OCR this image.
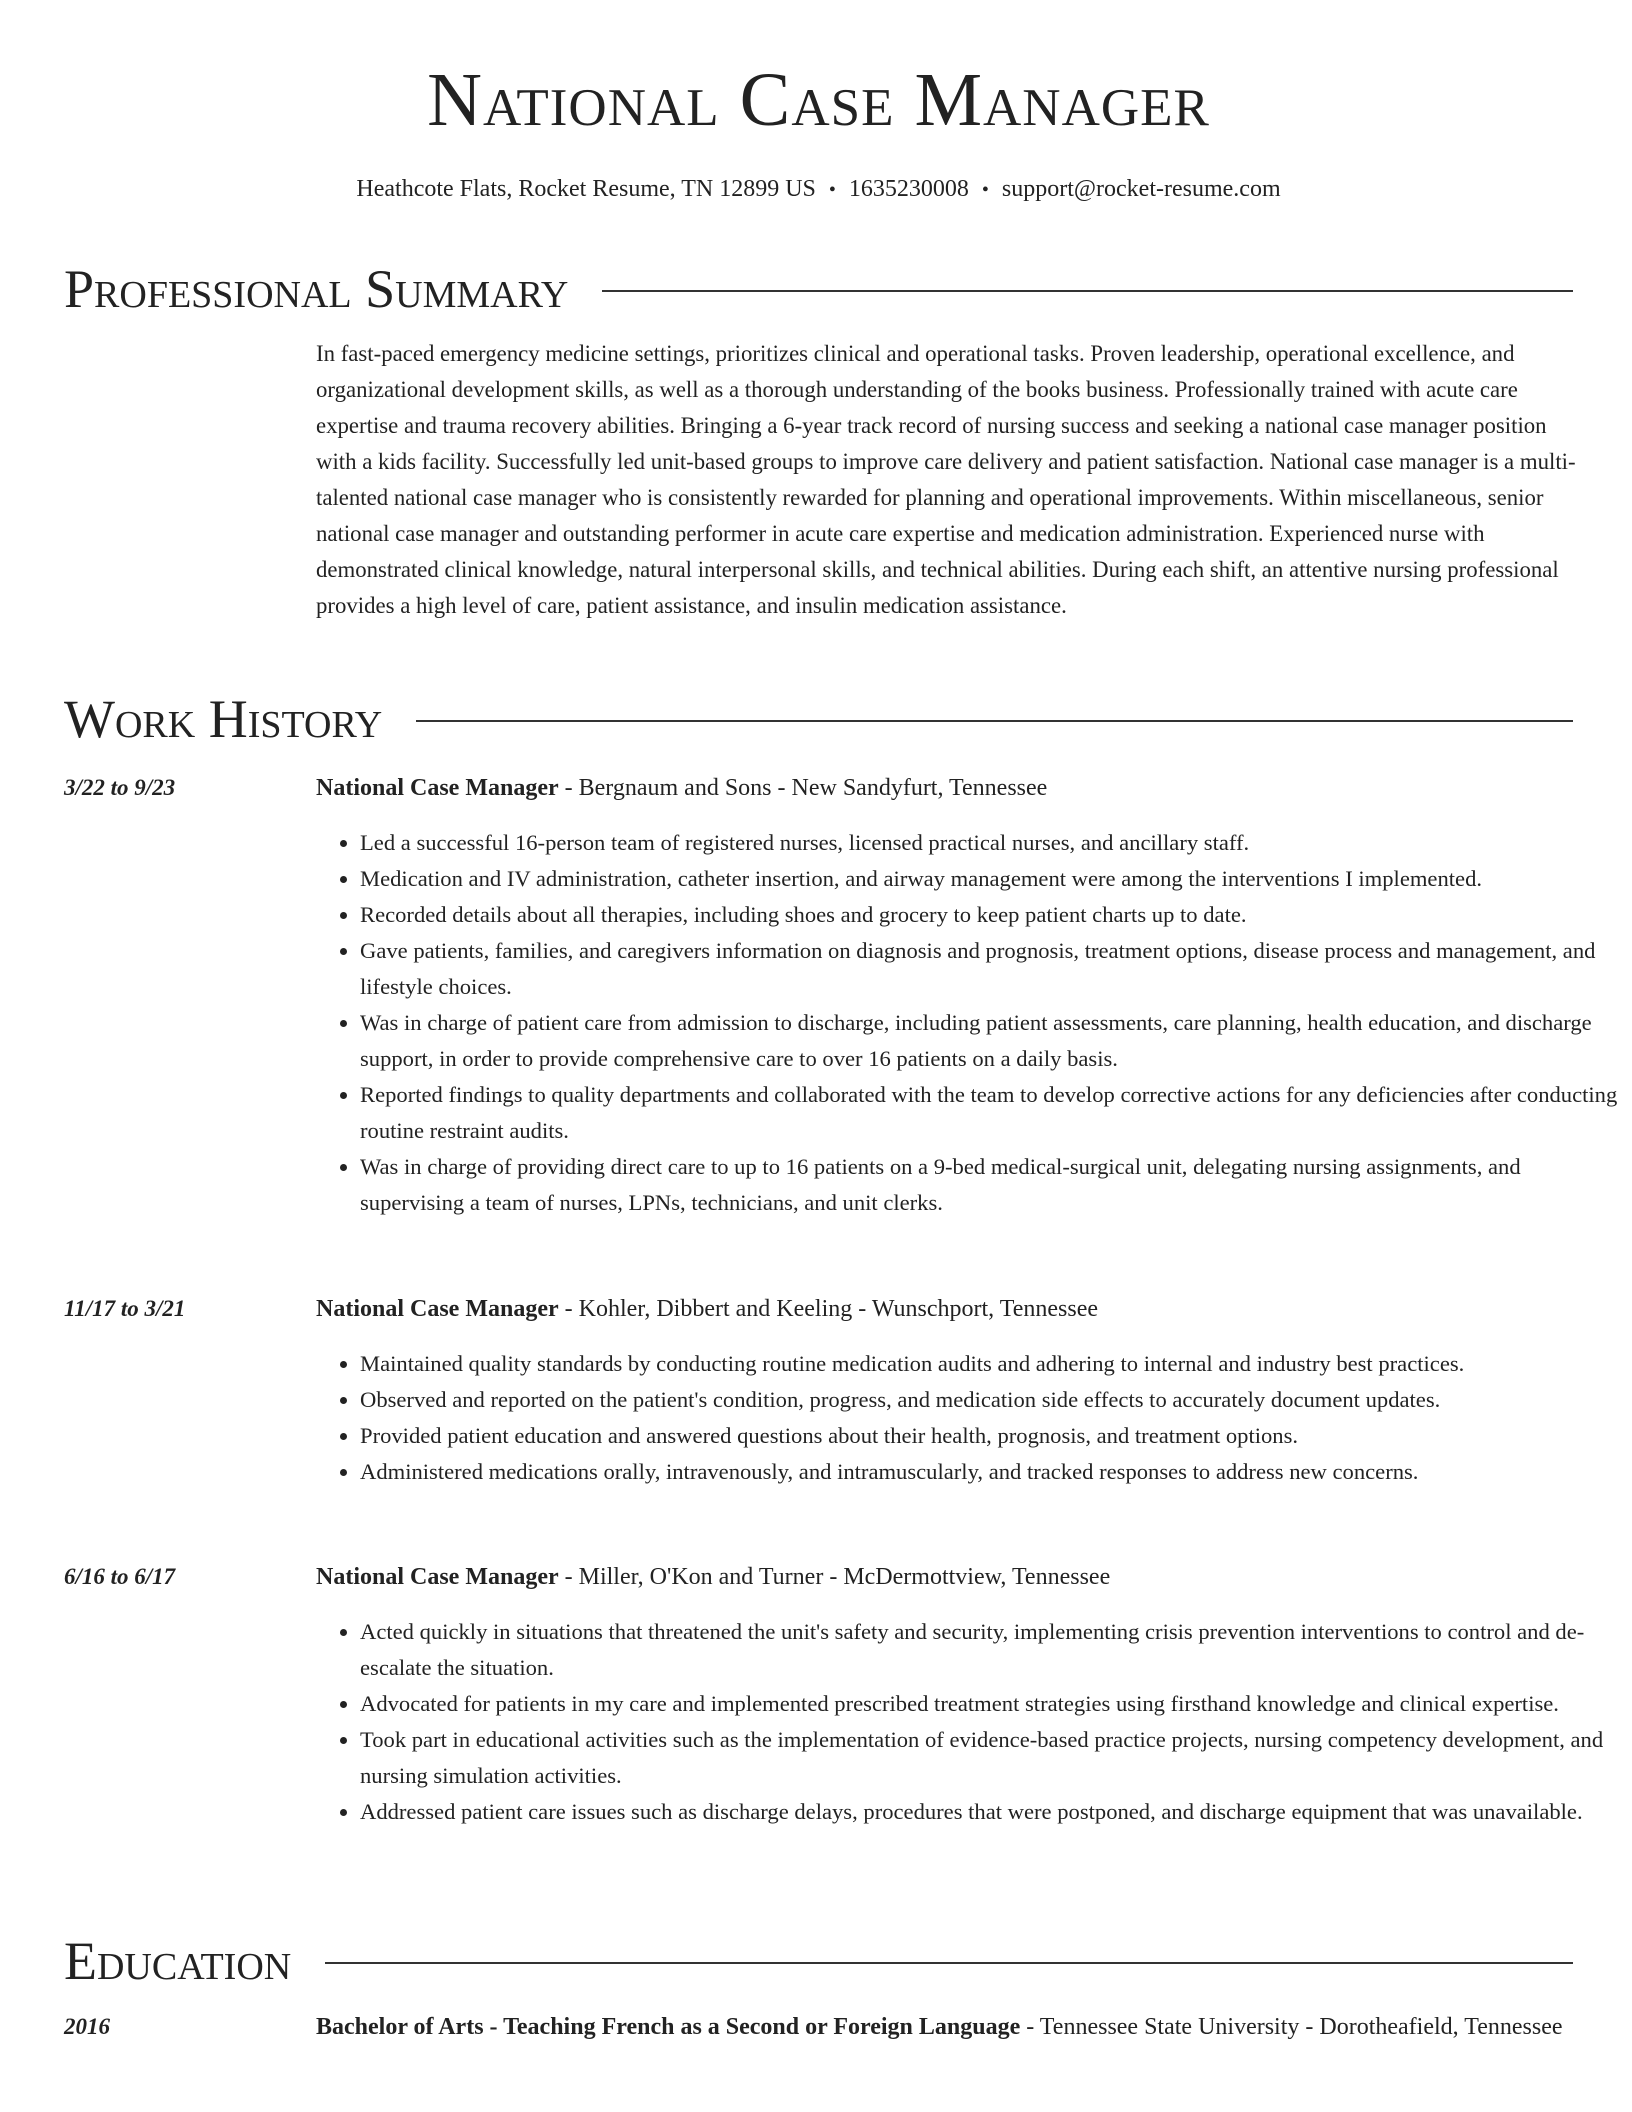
National Case Manager
Heathcote Flats, Rocket Resume, TN 12899 US • 1635230008 • support@rocket-resume.com
Professional Summary

In fast-paced emergency medicine settings, prioritizes clinical and operational tasks. Proven leadership, operational excellence, and organizational development skills, as well as a thorough understanding of the books business. Professionally trained with acute care expertise and trauma recovery abilities. Bringing a 6-year track record of nursing success and seeking a national case manager position with a kids facility. Successfully led unit-based groups to improve care delivery and patient satisfaction. National case manager is a multi-talented national case manager who is consistently rewarded for planning and operational improvements. Within miscellaneous, senior national case manager and outstanding performer in acute care expertise and medication administration. Experienced nurse with demonstrated clinical knowledge, natural interpersonal skills, and technical abilities. During each shift, an attentive nursing professional provides a high level of care, patient assistance, and insulin medication assistance.

Work History
3/22 to 9/23	National Case Manager - Bergnaum and Sons - New Sandyfurt, Tennessee
• Led a successful 16-person team of registered nurses, licensed practical nurses, and ancillary staff.
• Medication and IV administration, catheter insertion, and airway management were among the interventions I implemented.
• Recorded details about all therapies, including shoes and grocery to keep patient charts up to date.
• Gave patients, families, and caregivers information on diagnosis and prognosis, treatment options, disease process and management, and lifestyle choices.
• Was in charge of patient care from admission to discharge, including patient assessments, care planning, health education, and discharge support, in order to provide comprehensive care to over 16 patients on a daily basis.
• Reported findings to quality departments and collaborated with the team to develop corrective actions for any deficiencies after conducting routine restraint audits.
• Was in charge of providing direct care to up to 16 patients on a 9-bed medical-surgical unit, delegating nursing assignments, and supervising a team of nurses, LPNs, technicians, and unit clerks.
11/17 to 3/21	National Case Manager - Kohler, Dibbert and Keeling - Wunschport, Tennessee
• Maintained quality standards by conducting routine medication audits and adhering to internal and industry best practices.
• Observed and reported on the patient's condition, progress, and medication side effects to accurately document updates.
• Provided patient education and answered questions about their health, prognosis, and treatment options.
• Administered medications orally, intravenously, and intramuscularly, and tracked responses to address new concerns.
6/16 to 6/17	National Case Manager - Miller, O'Kon and Turner - McDermottview, Tennessee
• Acted quickly in situations that threatened the unit's safety and security, implementing crisis prevention interventions to control and de-escalate the situation.
• Advocated for patients in my care and implemented prescribed treatment strategies using firsthand knowledge and clinical expertise.
• Took part in educational activities such as the implementation of evidence-based practice projects, nursing competency development, and nursing simulation activities.
• Addressed patient care issues such as discharge delays, procedures that were postponed, and discharge equipment that was unavailable.
Education
2016	Bachelor of Arts - Teaching French as a Second or Foreign Language - Tennessee State University - Dorotheafield, Tennessee
